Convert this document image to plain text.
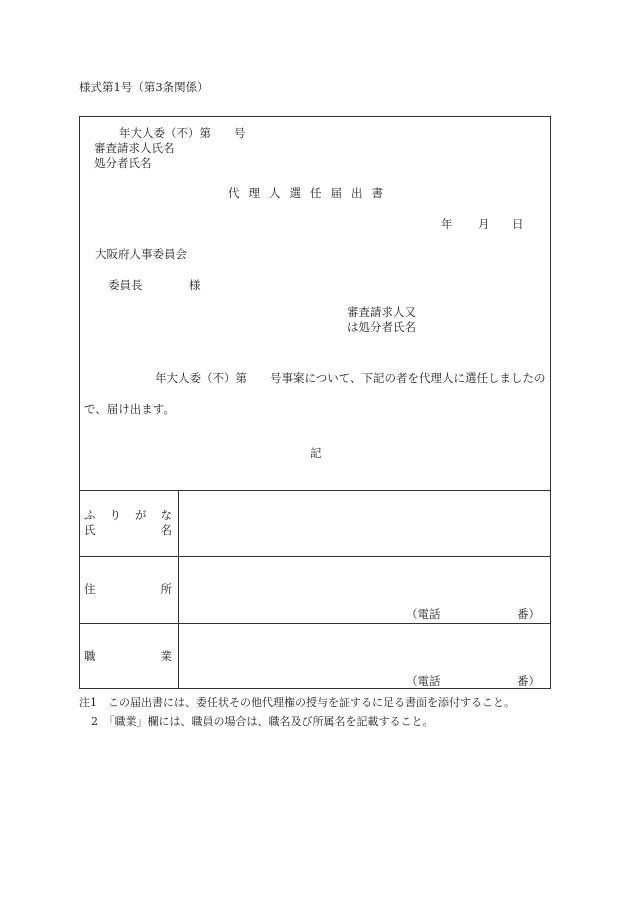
様式第1号（第3条関係）
年大人委（不）第　　号
審査請求人氏名
処分者氏名
代理人選任届出書
年 月 日
大阪府人事委員会
委員長	様
審査請求人又
は処分者氏名
年大人委（不）第　　号事案について、下記の者を代理人に選任しましたの
で、届け出ます。
記
ふりがな
氏名
住所
（電話	番）
職業
（電話	番）
注1　この届出書には、委任状その他代理権の授与を証するに足る書面を添付すること。
2　「職業」欄には、職員の場合は、職名及び所属名を記載すること。
